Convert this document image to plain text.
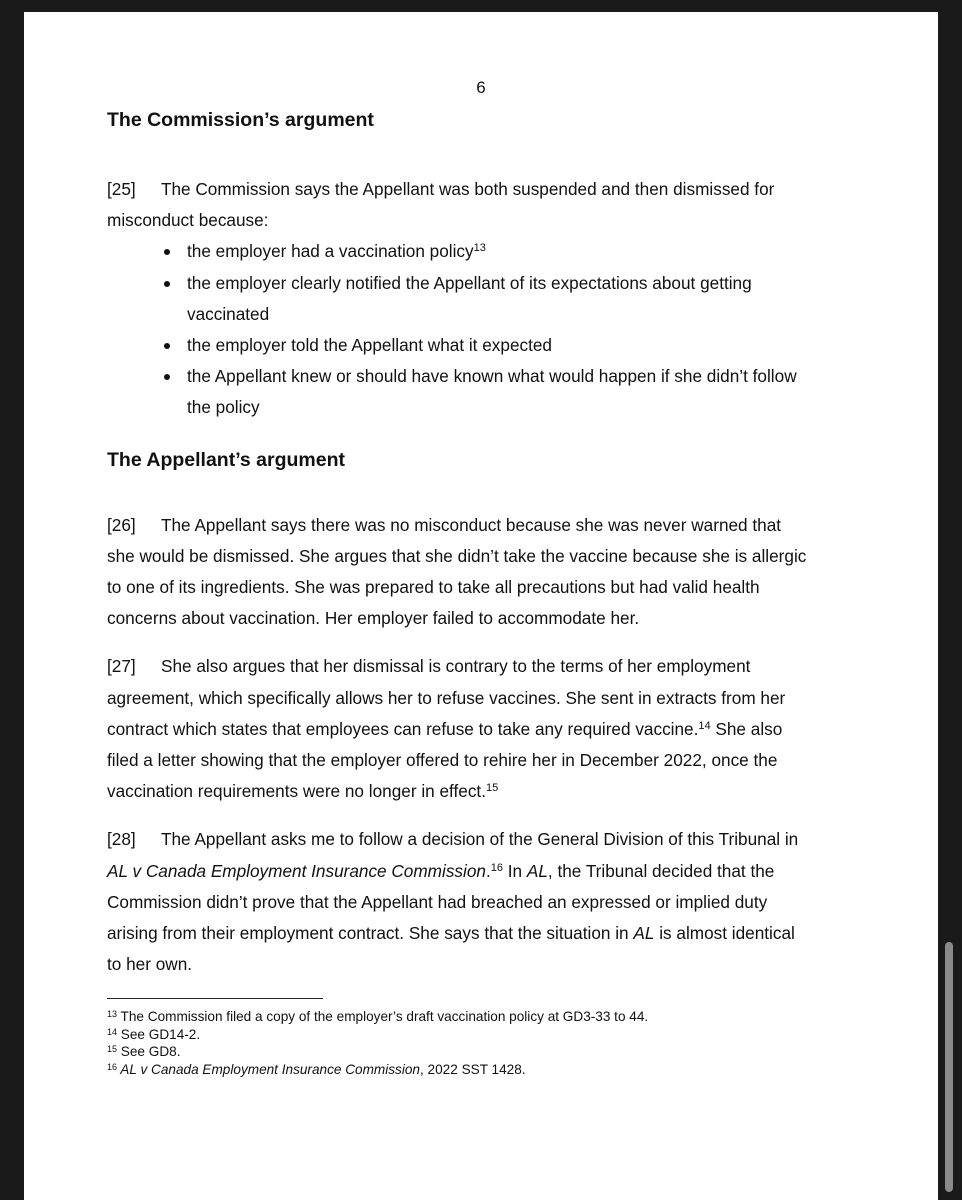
6
The Commission’s argument

[25] The Commission says the Appellant was both suspended and then dismissed for misconduct because:

the employer had a vaccination policy$^{13}$
the employer clearly notified the Appellant of its expectations about getting vaccinated
the employer told the Appellant what it expected
the Appellant knew or should have known what would happen if she didn’t follow the policy
The Appellant’s argument

[26] The Appellant says there was no misconduct because she was never warned that she would be dismissed. She argues that she didn’t take the vaccine because she is allergic to one of its ingredients. She was prepared to take all precautions but had valid health concerns about vaccination. Her employer failed to accommodate her.

[27] She also argues that her dismissal is contrary to the terms of her employment agreement, which specifically allows her to refuse vaccines. She sent in extracts from her contract which states that employees can refuse to take any required vaccine.$^{14}$ She also filed a letter showing that the employer offered to rehire her in December 2022, once the vaccination requirements were no longer in effect.$^{15}$

[28] The Appellant asks me to follow a decision of the General Division of this Tribunal in AL v Canada Employment Insurance Commission.$^{16}$ In AL, the Tribunal decided that the Commission didn’t prove that the Appellant had breached an expressed or implied duty arising from their employment contract. She says that the situation in AL is almost identical to her own.

$^{13}$ The Commission filed a copy of the employer’s draft vaccination policy at GD3-33 to 44.

$^{14}$ See GD14-2.

$^{15}$ See GD8.

$^{16}$ AL v Canada Employment Insurance Commission, 2022 SST 1428.
